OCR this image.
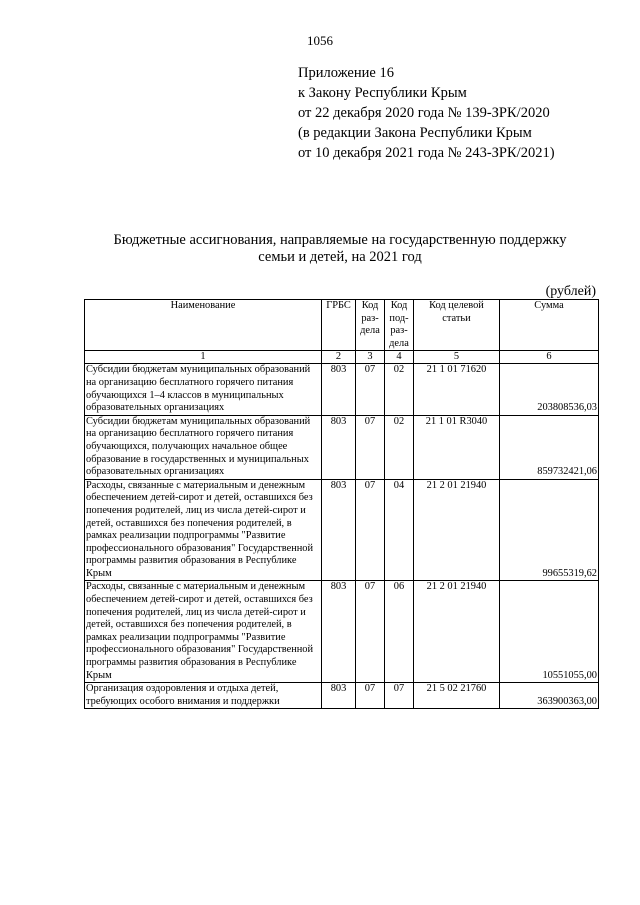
1056
Приложение 16
к Закону Республики Крым
от 22 декабря 2020 года № 139-ЗРК/2020
(в редакции Закона Республики Крым
от 10 декабря 2021 года № 243-ЗРК/2021)
Бюджетные ассигнования, направляемые на государственную поддержку
семьи и детей, на 2021 год
(рублей)
Наименование	ГРБС	Код раз-дела	Код под-раз-дела	Код целевой статьи	Сумма
1	2	3	4	5	6
Субсидии бюджетам муниципальных образований на организацию бесплатного горячего питания обучающихся 1–4 классов в муниципальных образовательных организациях	803	07	02	21 1 01 71620	203808536,03
Субсидии бюджетам муниципальных образований на организацию бесплатного горячего питания обучающихся, получающих начальное общее образование в государственных и муниципальных образовательных организациях	803	07	02	21 1 01 R3040	859732421,06
Расходы, связанные с материальным и денежным обеспечением детей-сирот и детей, оставшихся без попечения родителей, лиц из числа детей-сирот и детей, оставшихся без попечения родителей, в рамках реализации подпрограммы "Развитие профессионального образования" Государственной программы развития образования в Республике Крым	803	07	04	21 2 01 21940	99655319,62
Расходы, связанные с материальным и денежным обеспечением детей-сирот и детей, оставшихся без попечения родителей, лиц из числа детей-сирот и детей, оставшихся без попечения родителей, в рамках реализации подпрограммы "Развитие профессионального образования" Государственной программы развития образования в Республике Крым	803	07	06	21 2 01 21940	10551055,00
Организация оздоровления и отдыха детей, требующих особого внимания и поддержки	803	07	07	21 5 02 21760	363900363,00
